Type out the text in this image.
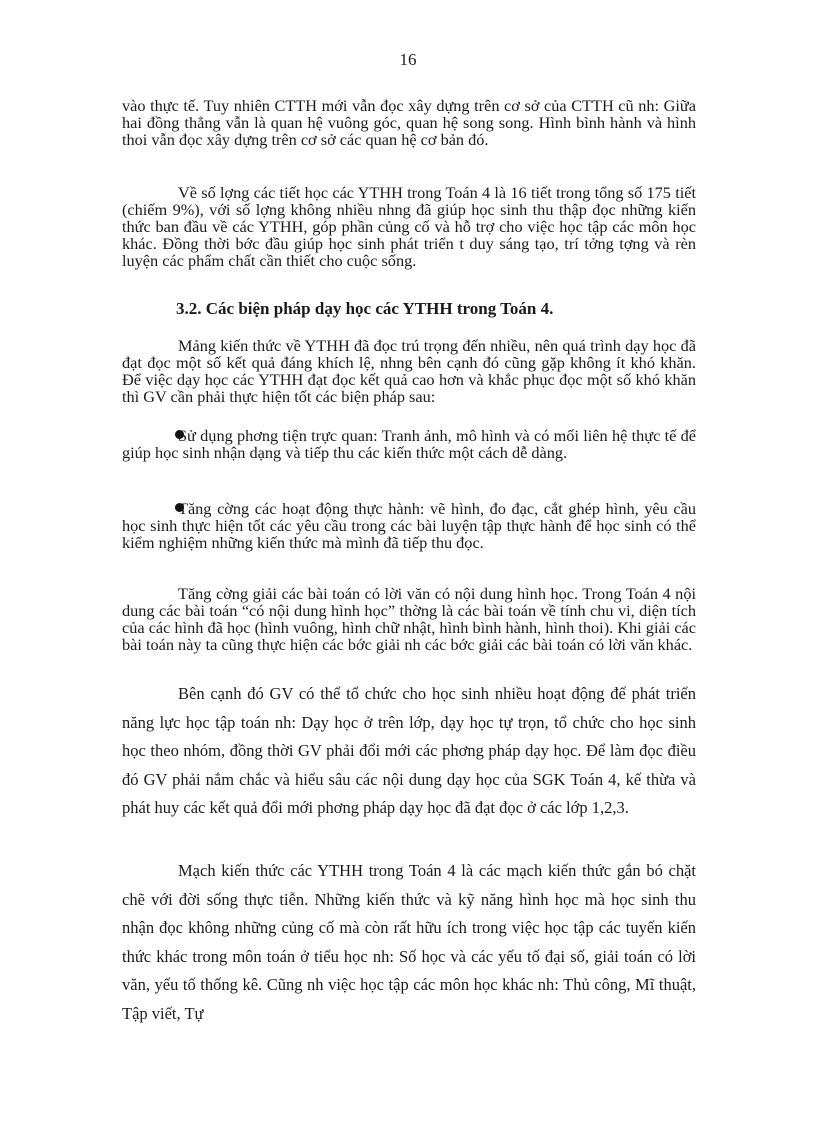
16

vào thực tế. Tuy nhiên CTTH mới vẫn đọc xây dựng trên cơ sở của CTTH cũ nh: Giữa hai đồng thẳng vẫn là quan hệ vuông góc, quan hệ song song. Hình bình hành và hình thoi vẫn đọc xây dựng trên cơ sở các quan hệ cơ bản đó.

Về số lợng các tiết học các YTHH trong Toán 4 là 16 tiết trong tổng số 175 tiết (chiếm 9%), với số lợng không nhiều nhng đã giúp học sinh thu thập đọc những kiến thức ban đầu về các YTHH, góp phần củng cố và hỗ trợ cho việc học tập các môn học khác. Đồng thời bớc đầu giúp học sinh phát triển t duy sáng tạo, trí tởng tợng và rèn luyện các phẩm chất cần thiết cho cuộc sống.

3.2. Các biện pháp dạy học các YTHH trong Toán 4.

Mảng kiến thức về YTHH đã đọc trú trọng đến nhiều, nên quá trình dạy học đã đạt đọc một số kết quả đáng khích lệ, nhng bên cạnh đó cũng gặp không ít khó khăn. Để việc dạy học các YTHH đạt đọc kết quả cao hơn và khắc phục đọc một số khó khăn thì GV cần phải thực hiện tốt các biện pháp sau:

Sử dụng phơng tiện trực quan: Tranh ảnh, mô hình và có mối liên hệ thực tế để giúp học sinh nhận dạng và tiếp thu các kiến thức một cách dễ dàng.

Tăng cờng các hoạt động thực hành: vẽ hình, đo đạc, cắt ghép hình, yêu cầu học sinh thực hiện tốt các yêu cầu trong các bài luyện tập thực hành để học sinh có thể kiểm nghiệm những kiến thức mà mình đã tiếp thu đọc.

Tăng cờng giải các bài toán có lời văn có nội dung hình học. Trong Toán 4 nội dung các bài toán “có nội dung hình học” thờng là các bài toán về tính chu vi, diện tích của các hình đã học (hình vuông, hình chữ nhật, hình bình hành, hình thoi). Khi giải các bài toán này ta cũng thực hiện các bớc giải nh các bớc giải các bài toán có lời văn khác.

Bên cạnh đó GV có thể tổ chức cho học sinh nhiều hoạt động để phát triển năng lực học tập toán nh: Dạy học ở trên lớp, dạy học tự trọn, tổ chức cho học sinh học theo nhóm, đồng thời GV phải đổi mới các phơng pháp dạy học. Để làm đọc điều đó GV phải nắm chắc và hiểu sâu các nội dung dạy học của SGK Toán 4, kế thừa và phát huy các kết quả đổi mới phơng pháp dạy học đã đạt đọc ở các lớp 1,2,3.

Mạch kiến thức các YTHH trong Toán 4 là các mạch kiến thức gắn bó chặt chẽ với đời sống thực tiễn. Những kiến thức và kỹ năng hình học mà học sinh thu nhận đọc không những củng cố mà còn rất hữu ích trong việc học tập các tuyến kiến thức khác trong môn toán ở tiểu học nh: Số học và các yếu tố đại số, giải toán có lời văn, yếu tố thống kê. Cũng nh việc học tập các môn học khác nh: Thủ công, Mĩ thuật, Tập viết, Tự
